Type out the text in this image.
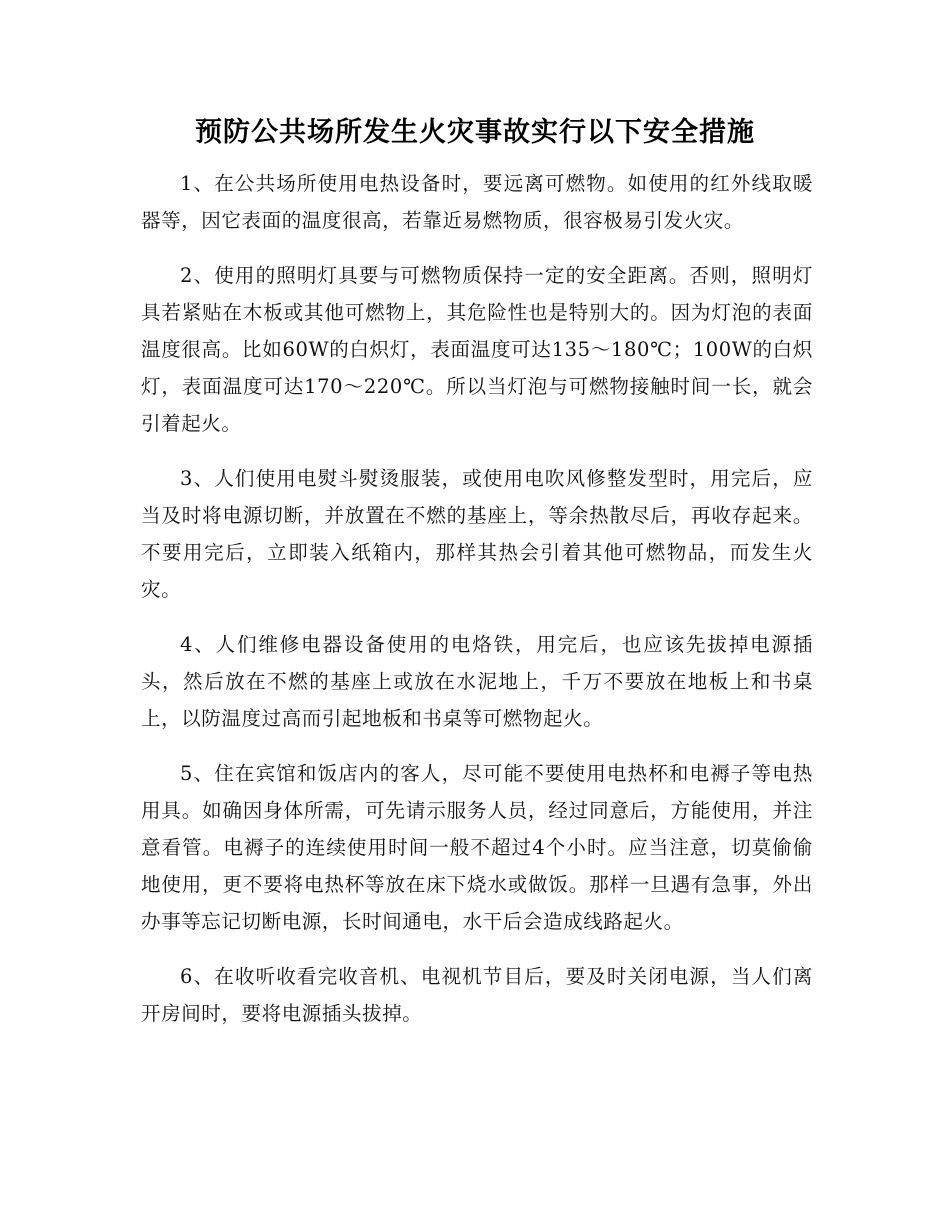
预防公共场所发生火灾事故实行以下安全措施

1、在公共场所使用电热设备时，要远离可燃物。如使用的红外线取暖器等，因它表面的温度很高，若靠近易燃物质，很容极易引发火灾。

2、使用的照明灯具要与可燃物质保持一定的安全距离。否则，照明灯具若紧贴在木板或其他可燃物上，其危险性也是特别大的。因为灯泡的表面温度很高。比如60W的白炽灯，表面温度可达135～180℃；100W的白炽灯，表面温度可达170～220℃。所以当灯泡与可燃物接触时间一长，就会引着起火。

3、人们使用电熨斗熨烫服装，或使用电吹风修整发型时，用完后，应当及时将电源切断，并放置在不燃的基座上，等余热散尽后，再收存起来。不要用完后，立即装入纸箱内，那样其热会引着其他可燃物品，而发生火灾。

4、人们维修电器设备使用的电烙铁，用完后，也应该先拔掉电源插头，然后放在不燃的基座上或放在水泥地上，千万不要放在地板上和书桌上，以防温度过高而引起地板和书桌等可燃物起火。

5、住在宾馆和饭店内的客人，尽可能不要使用电热杯和电褥子等电热用具。如确因身体所需，可先请示服务人员，经过同意后，方能使用，并注意看管。电褥子的连续使用时间一般不超过4个小时。应当注意，切莫偷偷地使用，更不要将电热杯等放在床下烧水或做饭。那样一旦遇有急事，外出办事等忘记切断电源，长时间通电，水干后会造成线路起火。

6、在收听收看完收音机、电视机节目后，要及时关闭电源，当人们离开房间时，要将电源插头拔掉。
